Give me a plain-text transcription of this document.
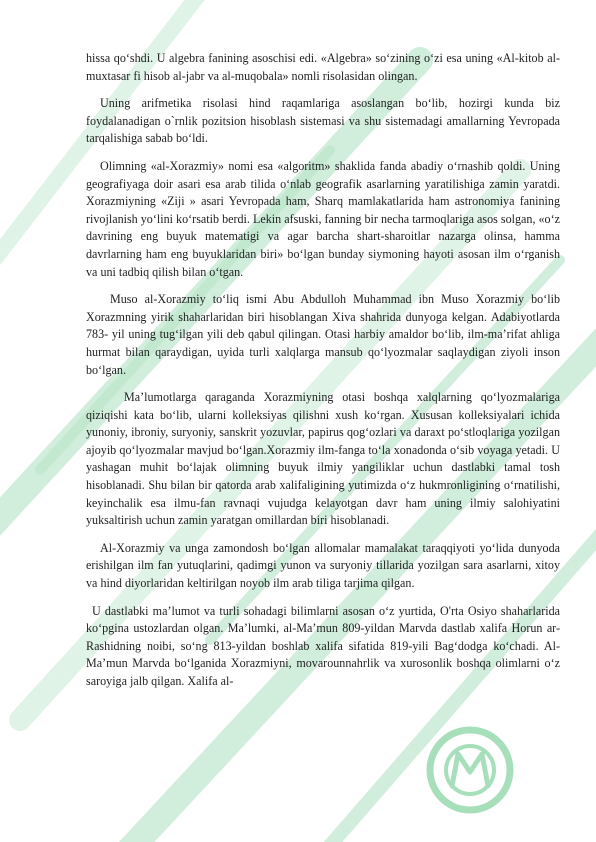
hissa qo‘shdi. U algebra fanining asoschisi edi. «Algebra» so‘zining o‘zi esa uning «Al-kitob al-muxtasar fi hisob al-jabr va al-muqobala» nomli risolasidan olingan.

Uning arifmetika risolasi hind raqamlariga asoslangan bo‘lib, hozirgi kunda biz foydalanadigan o`rnlik pozitsion hisoblash sistemasi va shu sistemadagi amallarning Yevropada tarqalishiga sabab bo‘ldi.

Olimning «al-Xorazmiy» nomi esa «algoritm» shaklida fanda abadiy o‘rnashib qoldi. Uning geografiyaga doir asari esa arab tilida o‘nlab geografik asarlarning yaratilishiga zamin yaratdi. Xorazmiyning «Ziji » asari Yevropada ham, Sharq mamlakatlarida ham astronomiya fanining rivojlanish yo‘lini ko‘rsatib berdi. Lekin afsuski, fanning bir necha tarmoqlariga asos solgan, «o‘z davrining eng buyuk matematigi va agar barcha shart-sharoitlar nazarga olinsa, hamma davrlarning ham eng buyuklaridan biri» bo‘lgan bunday siymoning hayoti asosan ilm o‘rganish va uni tadbiq qilish bilan o‘tgan.

Muso al-Xorazmiy to‘liq ismi Abu Abdulloh Muhammad ibn Muso Xorazmiy bo‘lib Xorazmning yirik shaharlaridan biri hisoblangan Xiva shahrida dunyoga kelgan. Adabiyotlarda 783- yil uning tug‘ilgan yili deb qabul qilingan. Otasi harbiy amaldor bo‘lib, ilm-ma’rifat ahliga hurmat bilan qaraydigan, uyida turli xalqlarga mansub qo‘lyozmalar saqlaydigan ziyoli inson bo‘lgan.

Ma’lumotlarga qaraganda Xorazmiyning otasi boshqa xalqlarning qo‘lyozmalariga qiziqishi kata bo‘lib, ularni kolleksiyas qilishni xush ko‘rgan. Xususan kolleksiyalari ichida yunoniy, ibroniy, suryoniy, sanskrit yozuvlar, papirus qog‘ozlari va daraxt po‘stloqlariga yozilgan ajoyib qo‘lyozmalar mavjud bo‘lgan.Xorazmiy ilm-fanga to‘la xonadonda o‘sib voyaga yetadi. U yashagan muhit bo‘lajak olimning buyuk ilmiy yangiliklar uchun dastlabki tamal tosh hisoblanadi. Shu bilan bir qatorda arab xalifaligining yutimizda o‘z hukmronligining o‘rnatilishi, keyinchalik esa ilmu-fan ravnaqi vujudga kelayotgan davr ham uning ilmiy salohiyatini yuksaltirish uchun zamin yaratgan omillardan biri hisoblanadi.

Al-Xorazmiy va unga zamondosh bo‘lgan allomalar mamalakat taraqqiyoti yo‘lida dunyoda erishilgan ilm fan yutuqlarini, qadimgi yunon va suryoniy tillarida yozilgan sara asarlarni, xitoy va hind diyorlaridan keltirilgan noyob ilm arab tiliga tarjima qilgan.

U dastlabki ma’lumot va turli sohadagi bilimlarni asosan o‘z yurtida, O'rta Osiyo shaharlarida ko‘pgina ustozlardan olgan. Ma’lumki, al-Ma’mun 809-yildan Marvda dastlab xalifa Horun ar- Rashidning noibi, so‘ng 813-yildan boshlab xalifa sifatida 819-yili Bag‘dodga ko‘chadi. Al-Ma’mun Marvda bo‘lganida Xorazmiyni, movarounnahrlik va xurosonlik boshqa olimlarni o‘z saroyiga jalb qilgan. Xalifa al-
